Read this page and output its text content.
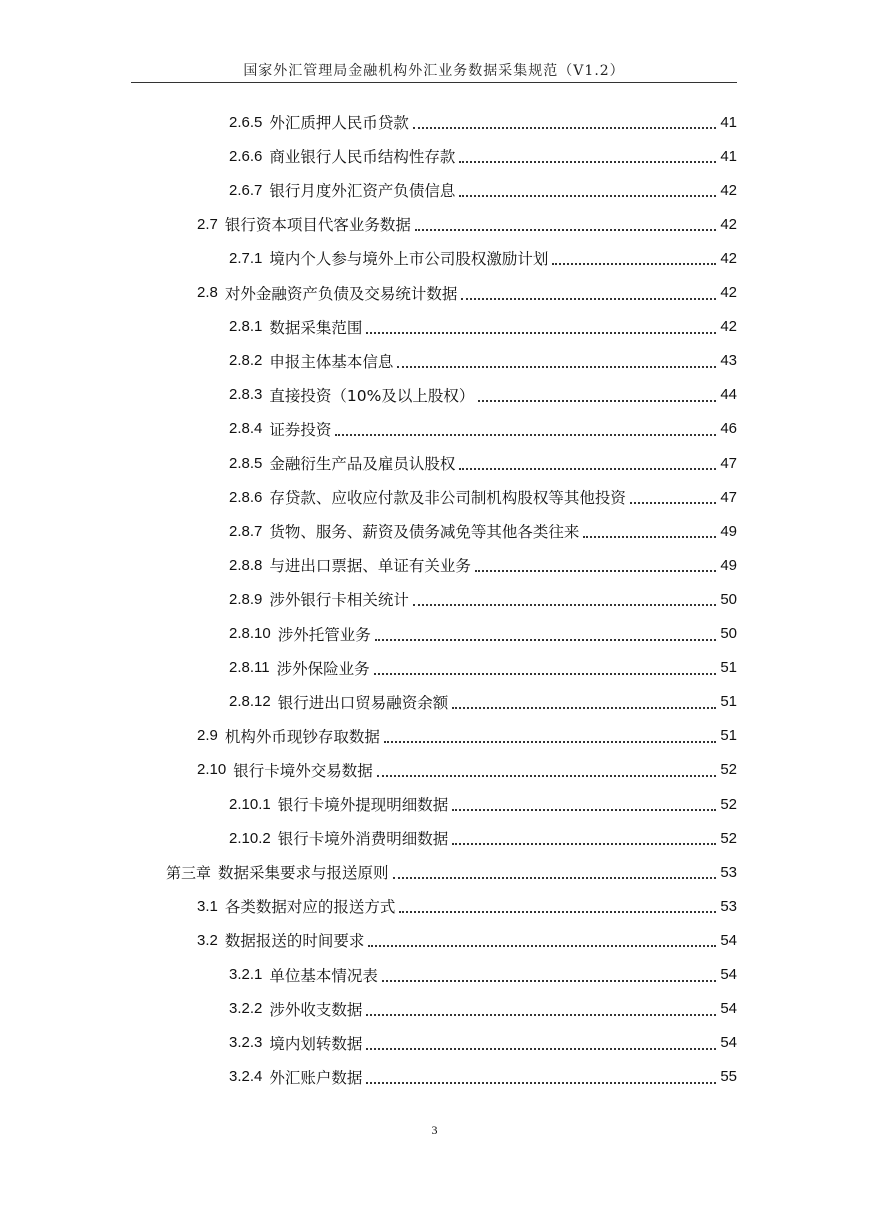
国家外汇管理局金融机构外汇业务数据采集规范（V1.2）
2.6.5 外汇质押人民币贷款	41
2.6.6 商业银行人民币结构性存款	41
2.6.7 银行月度外汇资产负债信息	42
2.7 银行资本项目代客业务数据	42
2.7.1 境内个人参与境外上市公司股权激励计划	42
2.8 对外金融资产负债及交易统计数据	42
2.8.1 数据采集范围	42
2.8.2 申报主体基本信息	43
2.8.3 直接投资（10%及以上股权）	44
2.8.4 证券投资	46
2.8.5 金融衍生产品及雇员认股权	47
2.8.6 存贷款、应收应付款及非公司制机构股权等其他投资	47
2.8.7 货物、服务、薪资及债务减免等其他各类往来	49
2.8.8 与进出口票据、单证有关业务	49
2.8.9 涉外银行卡相关统计	50
2.8.10 涉外托管业务	50
2.8.11 涉外保险业务	51
2.8.12 银行进出口贸易融资余额	51
2.9 机构外币现钞存取数据	51
2.10 银行卡境外交易数据	52
2.10.1 银行卡境外提现明细数据	52
2.10.2 银行卡境外消费明细数据	52
第三章 数据采集要求与报送原则	53
3.1 各类数据对应的报送方式	53
3.2 数据报送的时间要求	54
3.2.1 单位基本情况表	54
3.2.2 涉外收支数据	54
3.2.3 境内划转数据	54
3.2.4 外汇账户数据	55
3
